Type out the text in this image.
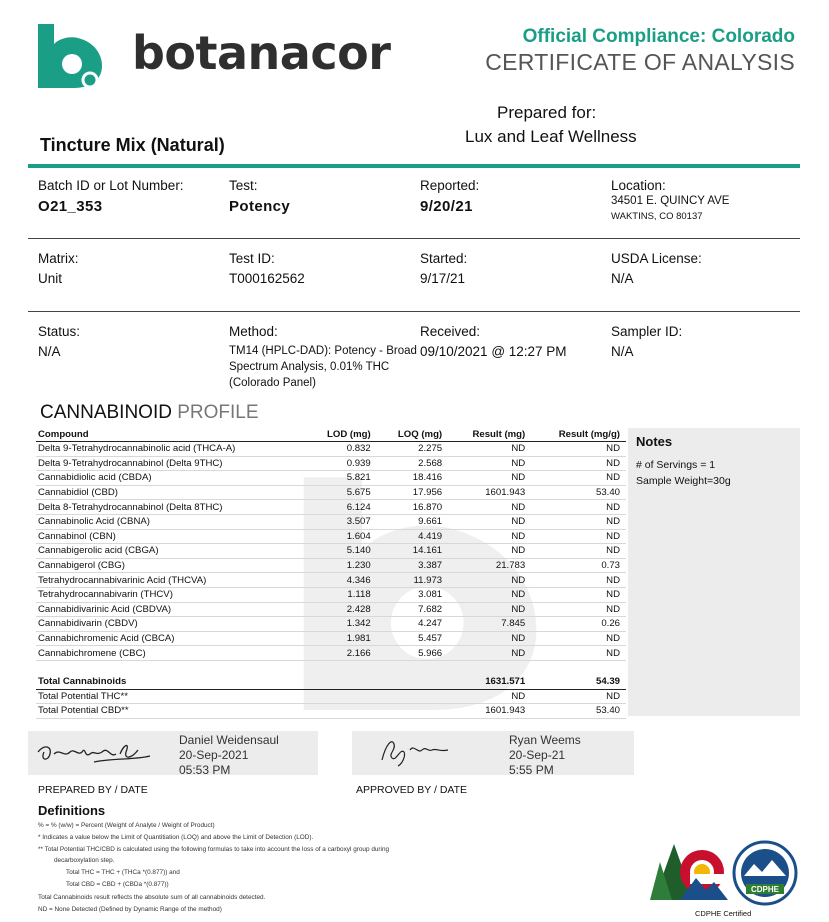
botanacor	Official Compliance: Colorado
CERTIFICATE OF ANALYSIS
Prepared for:
Lux and Leaf Wellness
Tincture Mix (Natural)
Batch ID or Lot Number:
O21_353
Test:
Potency
Reported:
9/20/21
Location:
34501 E. QUINCY AVE
WAKTINS, CO 80137
Matrix:
Unit
Test ID:
T000162562
Started:
9/17/21
USDA License:
N/A
Status:
N/A
Method:
TM14 (HPLC-DAD): Potency - Broad
Spectrum Analysis, 0.01% THC
(Colorado Panel)
Received:
09/10/2021 @ 12:27 PM
Sampler ID:
N/A
CANNABINOID PROFILE
Notes
# of Servings = 1
Sample Weight=30g
Compound	LOD (mg)	LOQ (mg)	Result (mg)	Result (mg/g)
Delta 9-Tetrahydrocannabinolic acid (THCA-A)	0.832	2.275	ND	ND
Delta 9-Tetrahydrocannabinol (Delta 9THC)	0.939	2.568	ND	ND
Cannabidiolic acid (CBDA)	5.821	18.416	ND	ND
Cannabidiol (CBD)	5.675	17.956	1601.943	53.40
Delta 8-Tetrahydrocannabinol (Delta 8THC)	6.124	16.870	ND	ND
Cannabinolic Acid (CBNA)	3.507	9.661	ND	ND
Cannabinol (CBN)	1.604	4.419	ND	ND
Cannabigerolic acid (CBGA)	5.140	14.161	ND	ND
Cannabigerol (CBG)	1.230	3.387	21.783	0.73
Tetrahydrocannabivarinic Acid (THCVA)	4.346	11.973	ND	ND
Tetrahydrocannabivarin (THCV)	1.118	3.081	ND	ND
Cannabidivarinic Acid (CBDVA)	2.428	7.682	ND	ND
Cannabidivarin (CBDV)	1.342	4.247	7.845	0.26
Cannabichromenic Acid (CBCA)	1.981	5.457	ND	ND
Cannabichromene (CBC)	2.166	5.966	ND	ND

Total Cannabinoids			1631.571	54.39
Total Potential THC**			ND	ND
Total Potential CBD**			1601.943	53.40
Daniel Weidensaul
20-Sep-2021
05:53 PM
Ryan Weems
20-Sep-21
5:55 PM
PREPARED BY / DATE	APPROVED BY / DATE
Definitions
% = % (w/w) = Percent (Weight of Analyte / Weight of Product)
* Indicates a value below the Limit of Quantitiation (LOQ) and above the Limit of Detection (LOD).
** Total Potential THC/CBD is calculated using the following formulas to take into account the loss of a carboxyl group during
decarboxylation step.
Total THC = THC + (THCa *(0.877)) and
Total CBD = CBD + (CBDa *(0.877))
Total Cannabinoids result reflects the absolute sum of all cannabinoids detected.
ND = None Detected (Defined by Dynamic Range of the method)
CDPHE
CDPHE Certified
